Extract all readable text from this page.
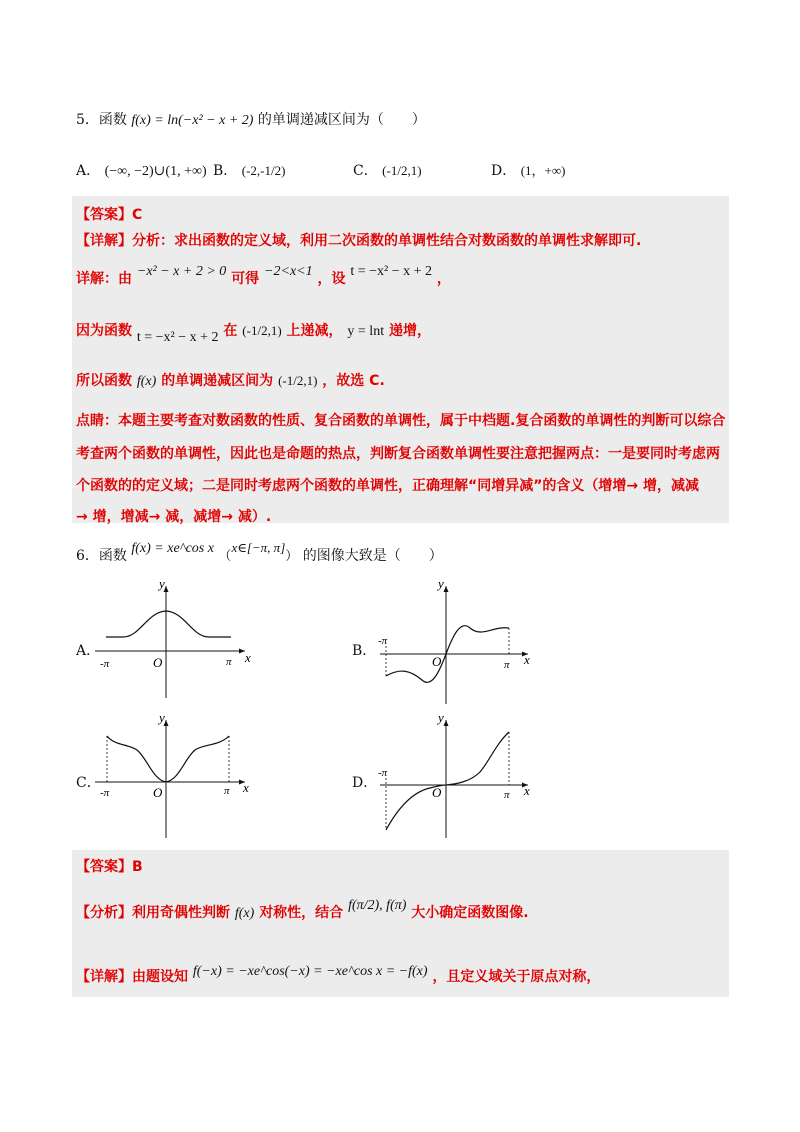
5．函数 f(x) = ln(−x² − x + 2) 的单调递减区间为（　　）
A． (−∞, −2)∪(1, +∞) B． (-2,-1/2)	C． (-1/2,1)	D． (1，+∞)
【答案】C
【详解】分析：求出函数的定义域，利用二次函数的单调性结合对数函数的单调性求解即可.
详解：由 −x² − x + 2 > 0 可得 −2<x<1 ，设 t = −x² − x + 2 ，
因为函数 t = −x² − x + 2 在 (-1/2,1) 上递减， y = lnt 递增，
所以函数 f(x) 的单调递减区间为 (-1/2,1) ，故选 C.
点睛：本题主要考查对数函数的性质、复合函数的单调性，属于中档题.复合函数的单调性的判断可以综合
考查两个函数的单调性，因此也是命题的热点，判断复合函数单调性要注意把握两点：一是要同时考虑两
个函数的的定义域；二是同时考虑两个函数的单调性，正确理解“同增异减”的含义（增增→ 增，减减
→ 增，增减→ 减，减增→ 减）.
6．函数 f(x) = xe^cos x （x∈[−π, π]） 的图像大致是（　　）
A．	B．
C．	D．
y
x
O
-π	π
y
x
O
-π
π
y
x
O
-π	π
y
x
O
-π
π
【答案】B
【分析】利用奇偶性判断 f(x) 对称性，结合 f(π/2), f(π) 大小确定函数图像.
【详解】由题设知 f(−x) = −xe^cos(−x) = −xe^cos x = −f(x) ，且定义域关于原点对称，
